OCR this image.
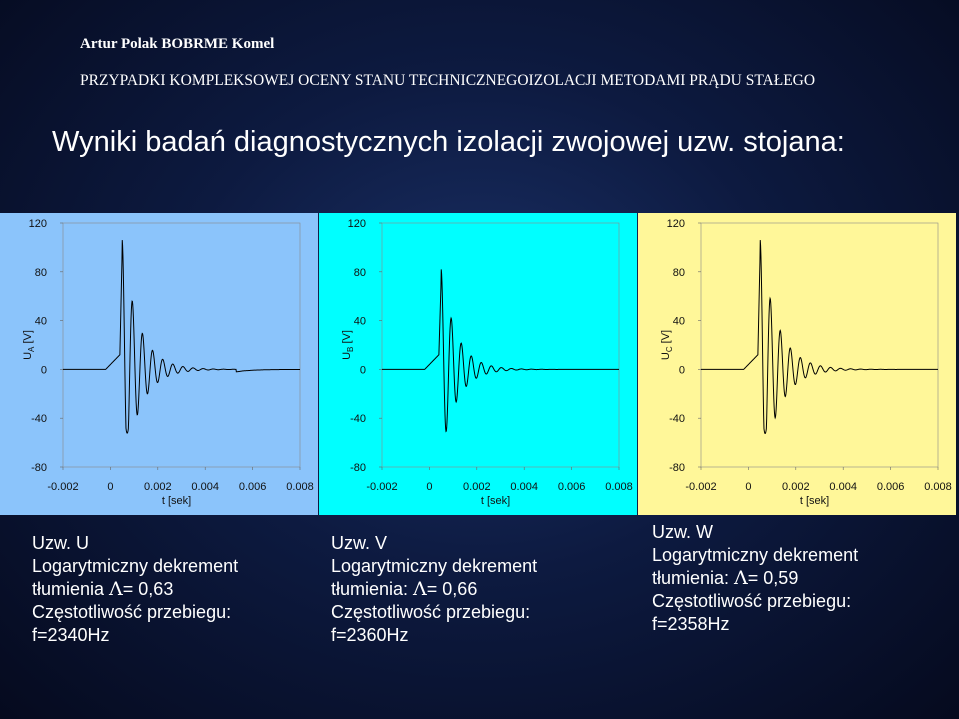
Artur Polak BOBRME Komel
PRZYPADKI KOMPLEKSOWEJ OCENY STANU TECHNICZNEGOIZOLACJI METODAMI PRĄDU STAŁEGO
Wyniki badań diagnostycznych izolacji zwojowej uzw. stojana:
120
80
40
0
-40
-80
-0.002	0	0.002 0.004 0.006 0.008
t [sek]
$U_A$ [V]
120
80
40
0
-40
-80
-0.002	0	0.002 0.004 0.006 0.008
t [sek]
$U_B$ [V]
120
80
40
0
-40
-80
-0.002	0	0.002 0.004 0.006 0.008
t [sek]
$U_C$ [V]
Uzw. U
Logarytmiczny dekrement
tłumienia Λ= 0,63
Częstotliwość przebiegu:
f=2340Hz
Uzw. V
Logarytmiczny dekrement
tłumienia: Λ= 0,66
Częstotliwość przebiegu:
f=2360Hz
Uzw. W
Logarytmiczny dekrement
tłumienia: Λ= 0,59
Częstotliwość przebiegu:
f=2358Hz
